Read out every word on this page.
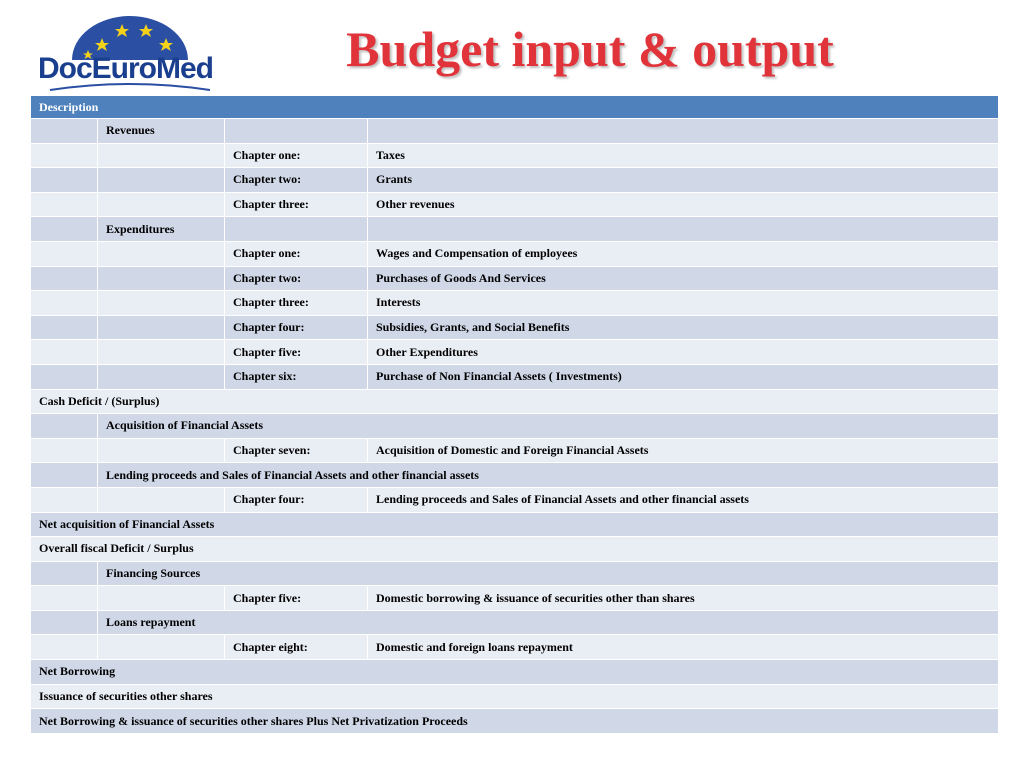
DocEuroMed	Budget input & output
Description			
	Revenues		
		Chapter one:	Taxes
		Chapter two:	Grants
		Chapter three:	Other revenues
	Expenditures		
		Chapter one:	Wages and Compensation of employees
		Chapter two:	Purchases of Goods And Services
		Chapter three:	Interests
		Chapter four:	Subsidies, Grants, and Social Benefits
		Chapter five:	Other Expenditures
		Chapter six:	Purchase of Non Financial Assets ( Investments)
Cash Deficit / (Surplus)			
	Acquisition of Financial Assets		
		Chapter seven:	Acquisition of Domestic and Foreign Financial Assets
	Lending proceeds and Sales of Financial Assets and other financial assets		
		Chapter four:	Lending proceeds and Sales of Financial Assets and other financial assets
Net acquisition of Financial Assets			
Overall fiscal Deficit / Surplus			
	Financing Sources		
		Chapter five:	Domestic borrowing & issuance of securities other than shares
	Loans repayment		
		Chapter eight:	Domestic and foreign loans repayment
Net Borrowing			
Issuance of securities other shares			
Net Borrowing & issuance of securities other shares Plus Net Privatization Proceeds			
